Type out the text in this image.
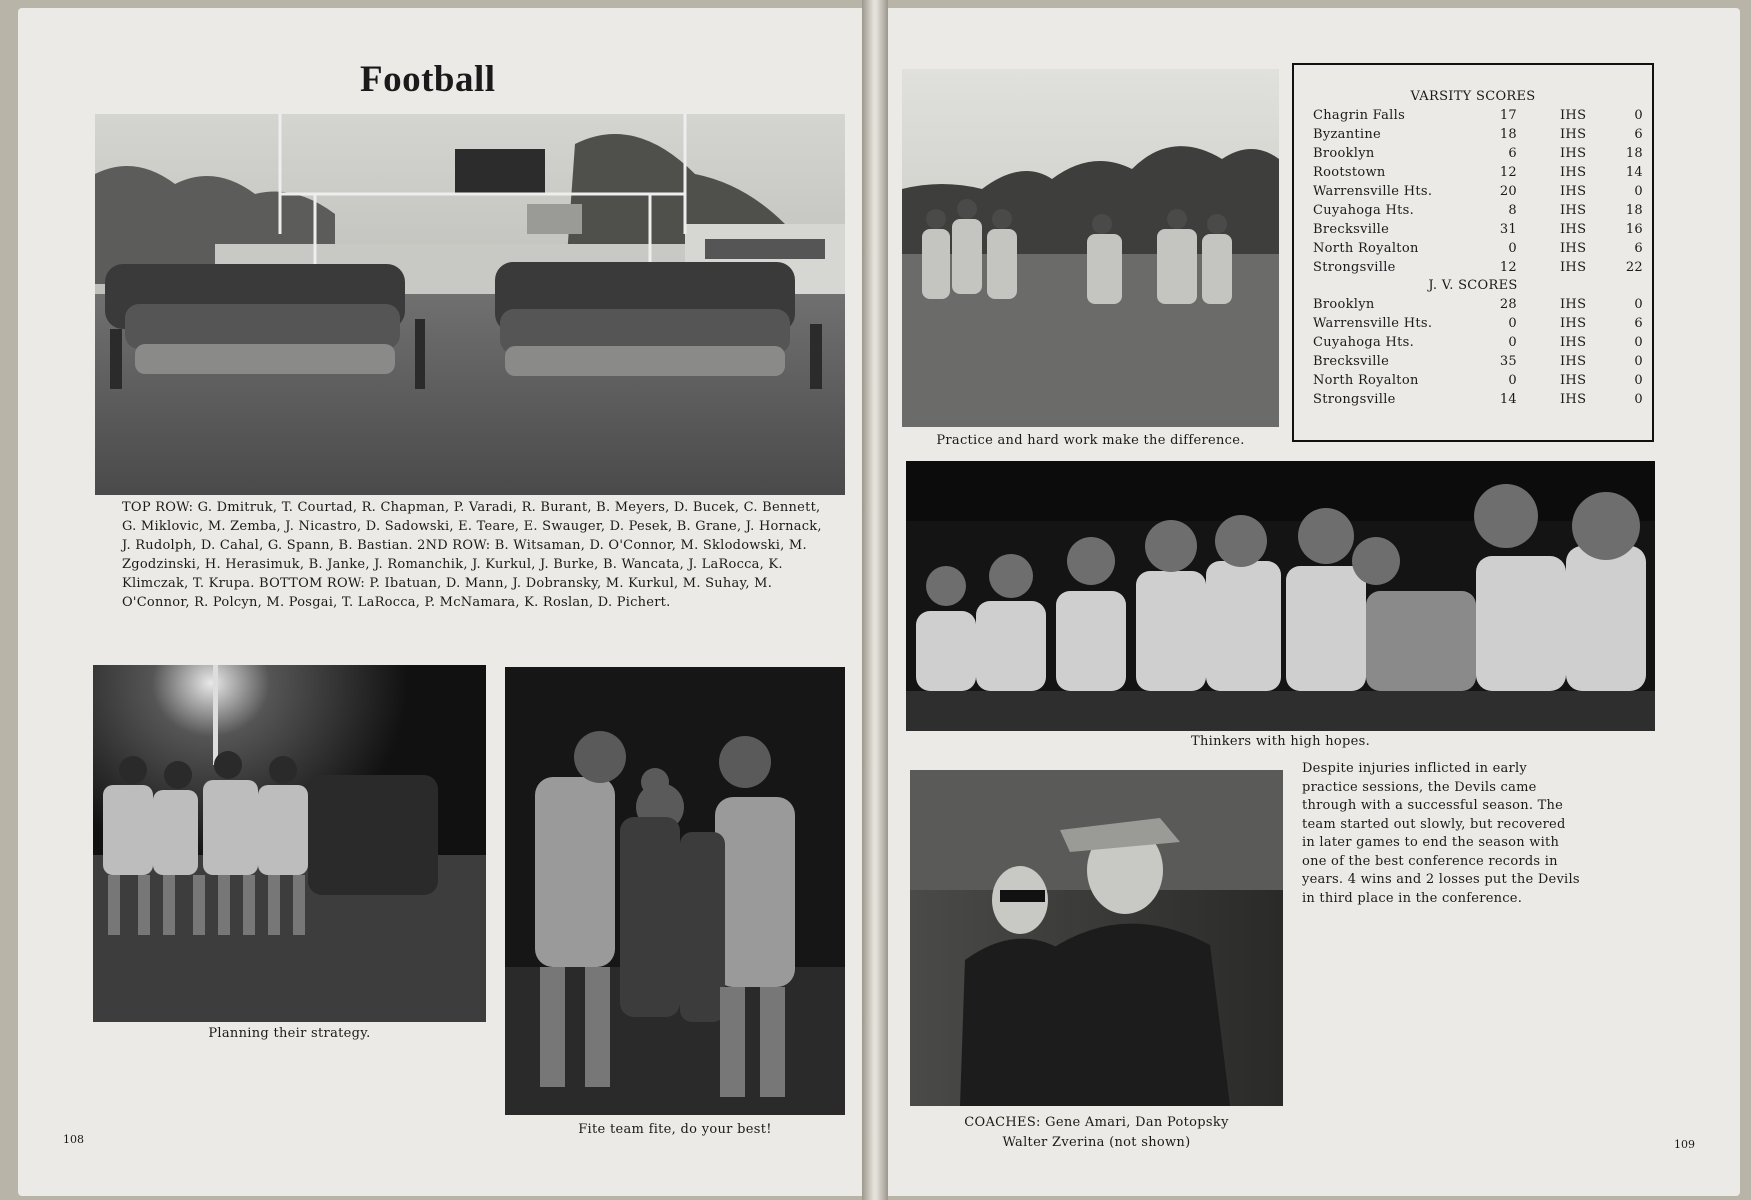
Football
TOP ROW: G. Dmitruk, T. Courtad, R. Chapman, P. Varadi, R. Burant, B. Meyers, D. Bucek, C. Bennett, G. Miklovic, M. Zemba, J. Nicastro, D. Sadowski, E. Teare, E. Swauger, D. Pesek, B. Grane, J. Hornack, J. Rudolph, D. Cahal, G. Spann, B. Bastian. 2ND ROW: B. Witsaman, D. O'Connor, M. Sklodowski, M. Zgodzinski, H. Herasimuk, B. Janke, J. Romanchik, J. Kurkul, J. Burke, B. Wancata, J. LaRocca, K. Klimczak, T. Krupa. BOTTOM ROW: P. Ibatuan, D. Mann, J. Dobransky, M. Kurkul, M. Suhay, M. O'Connor, R. Polcyn, M. Posgai, T. LaRocca, P. McNamara, K. Roslan, D. Pichert.
Planning their strategy.
Fite team fite, do your best!
108
Practice and hard work make the difference.
VARSITY SCORES
Chagrin Falls	17	IHS	0
Byzantine	18	IHS	6
Brooklyn	6	IHS	18
Rootstown	12	IHS	14
Warrensville Hts.	20	IHS	0
Cuyahoga Hts.	8	IHS	18
Brecksville	31	IHS	16
North Royalton	0	IHS	6
Strongsville	12	IHS	22
J. V. SCORES
Brooklyn	28	IHS	0
Warrensville Hts.	0	IHS	6
Cuyahoga Hts.	0	IHS	0
Brecksville	35	IHS	0
North Royalton	0	IHS	0
Strongsville	14	IHS	0
Thinkers with high hopes.
COACHES: Gene Amari, Dan Potopsky
Walter Zverina (not shown)
Despite injuries inflicted in early practice sessions, the Devils came through with a successful season. The team started out slowly, but recovered in later games to end the season with one of the best conference records in years. 4 wins and 2 losses put the Devils in third place in the conference.
109
